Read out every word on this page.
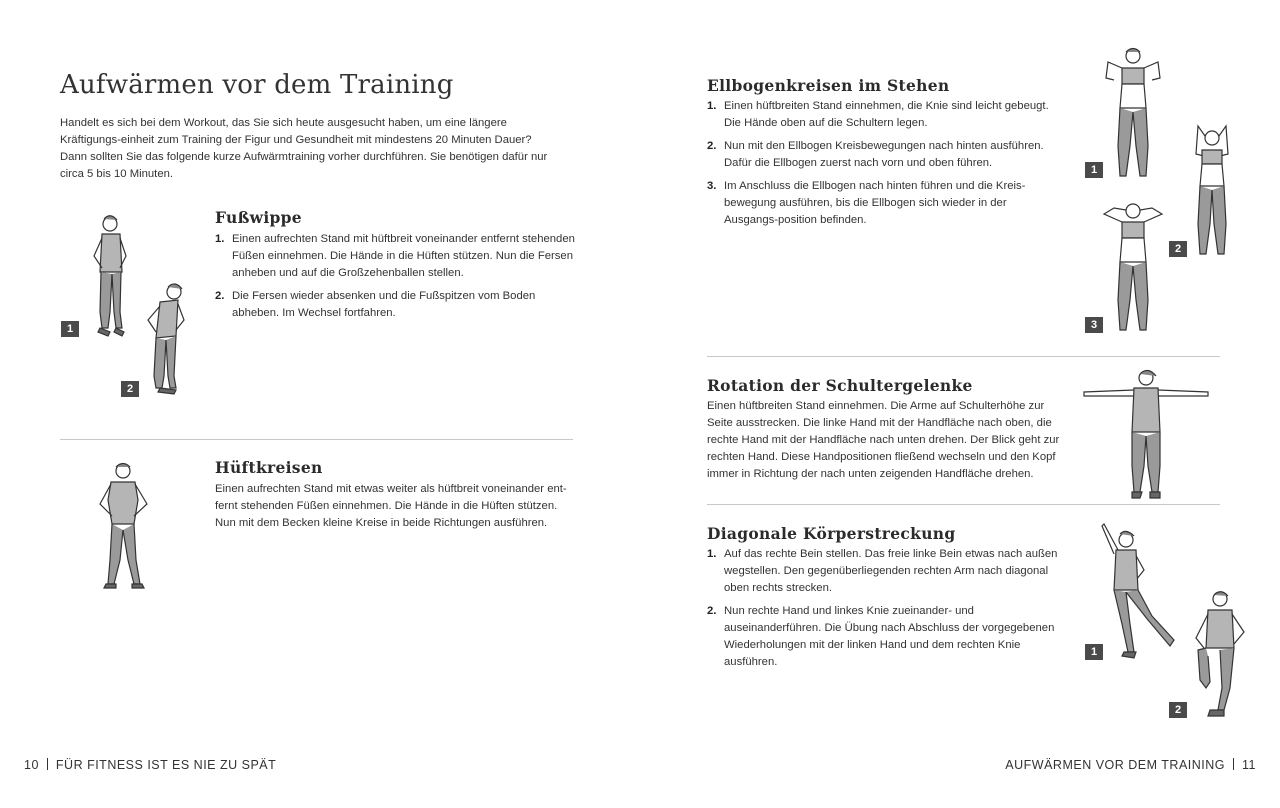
Aufwärmen vor dem Training

Handelt es sich bei dem Workout, das Sie sich heute ausgesucht haben, um eine längere Kräftigungs-einheit zum Training der Figur und Gesundheit mit mindestens 20 Minuten Dauer? Dann sollten Sie das folgende kurze Aufwärmtraining vorher durchführen. Sie benötigen dafür nur circa 5 bis 10 Minuten.

1
2
Fußwippe
1. Einen aufrechten Stand mit hüftbreit voneinander entfernt stehenden Füßen einnehmen. Die Hände in die Hüften stützen. Nun die Fersen anheben und auf die Großzehenballen stellen.
2. Die Fersen wieder absenken und die Fußspitzen vom Boden abheben. Im Wechsel fortfahren.
Hüftkreisen

Einen aufrechten Stand mit etwas weiter als hüftbreit voneinander ent-fernt stehenden Füßen einnehmen. Die Hände in die Hüften stützen. Nun mit dem Becken kleine Kreise in beide Richtungen ausführen.

10 FÜR FITNESS IST ES NIE ZU SPÄT
Ellbogenkreisen im Stehen
1. Einen hüftbreiten Stand einnehmen, die Knie sind leicht gebeugt. Die Hände oben auf die Schultern legen.
2. Nun mit den Ellbogen Kreisbewegungen nach hinten ausführen. Dafür die Ellbogen zuerst nach vorn und oben führen.
3. Im Anschluss die Ellbogen nach hinten führen und die Kreis-bewegung ausführen, bis die Ellbogen sich wieder in der Ausgangs-position befinden.
1
2
3
Rotation der Schultergelenke

Einen hüftbreiten Stand einnehmen. Die Arme auf Schulterhöhe zur Seite ausstrecken. Die linke Hand mit der Handfläche nach oben, die rechte Hand mit der Handfläche nach unten drehen. Der Blick geht zur rechten Hand. Diese Handpositionen fließend wechseln und den Kopf immer in Richtung der nach unten zeigenden Handfläche drehen.

Diagonale Körperstreckung
1. Auf das rechte Bein stellen. Das freie linke Bein etwas nach außen wegstellen. Den gegenüberliegenden rechten Arm nach diagonal oben rechts strecken.
2. Nun rechte Hand und linkes Knie zueinander- und auseinanderführen. Die Übung nach Abschluss der vorgegebenen Wiederholungen mit der linken Hand und dem rechten Knie ausführen.
1
2
AUFWÄRMEN VOR DEM TRAINING 11
